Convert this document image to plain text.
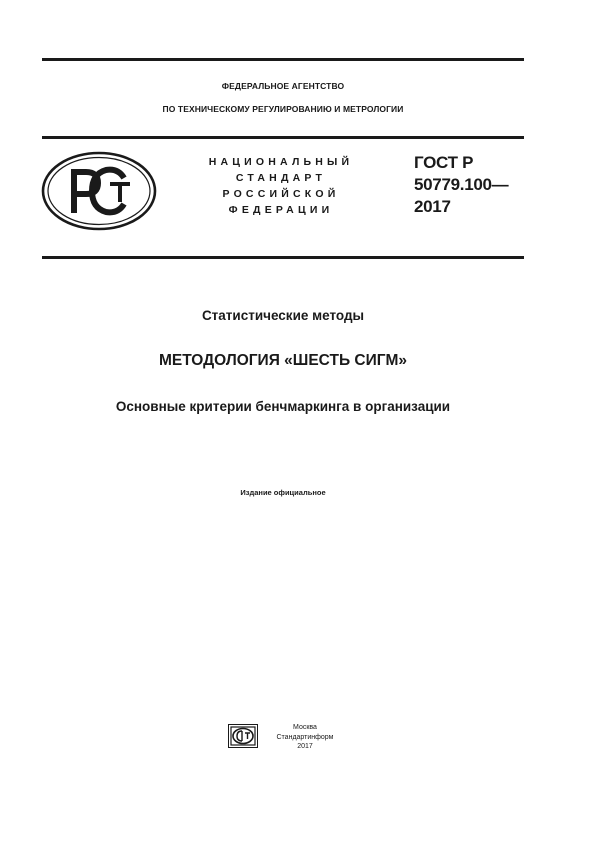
ФЕДЕРАЛЬНОЕ АГЕНТСТВО
ПО ТЕХНИЧЕСКОМУ РЕГУЛИРОВАНИЮ И МЕТРОЛОГИИ
НАЦИОНАЛЬНЫЙ
СТАНДАРТ
РОССИЙСКОЙ
ФЕДЕРАЦИИ
ГОСТ Р
50779.100—
2017
Статистические методы
МЕТОДОЛОГИЯ «ШЕСТЬ СИГМ»
Основные критерии бенчмаркинга в организации
Издание официальное
Москва
Стандартинформ
2017
